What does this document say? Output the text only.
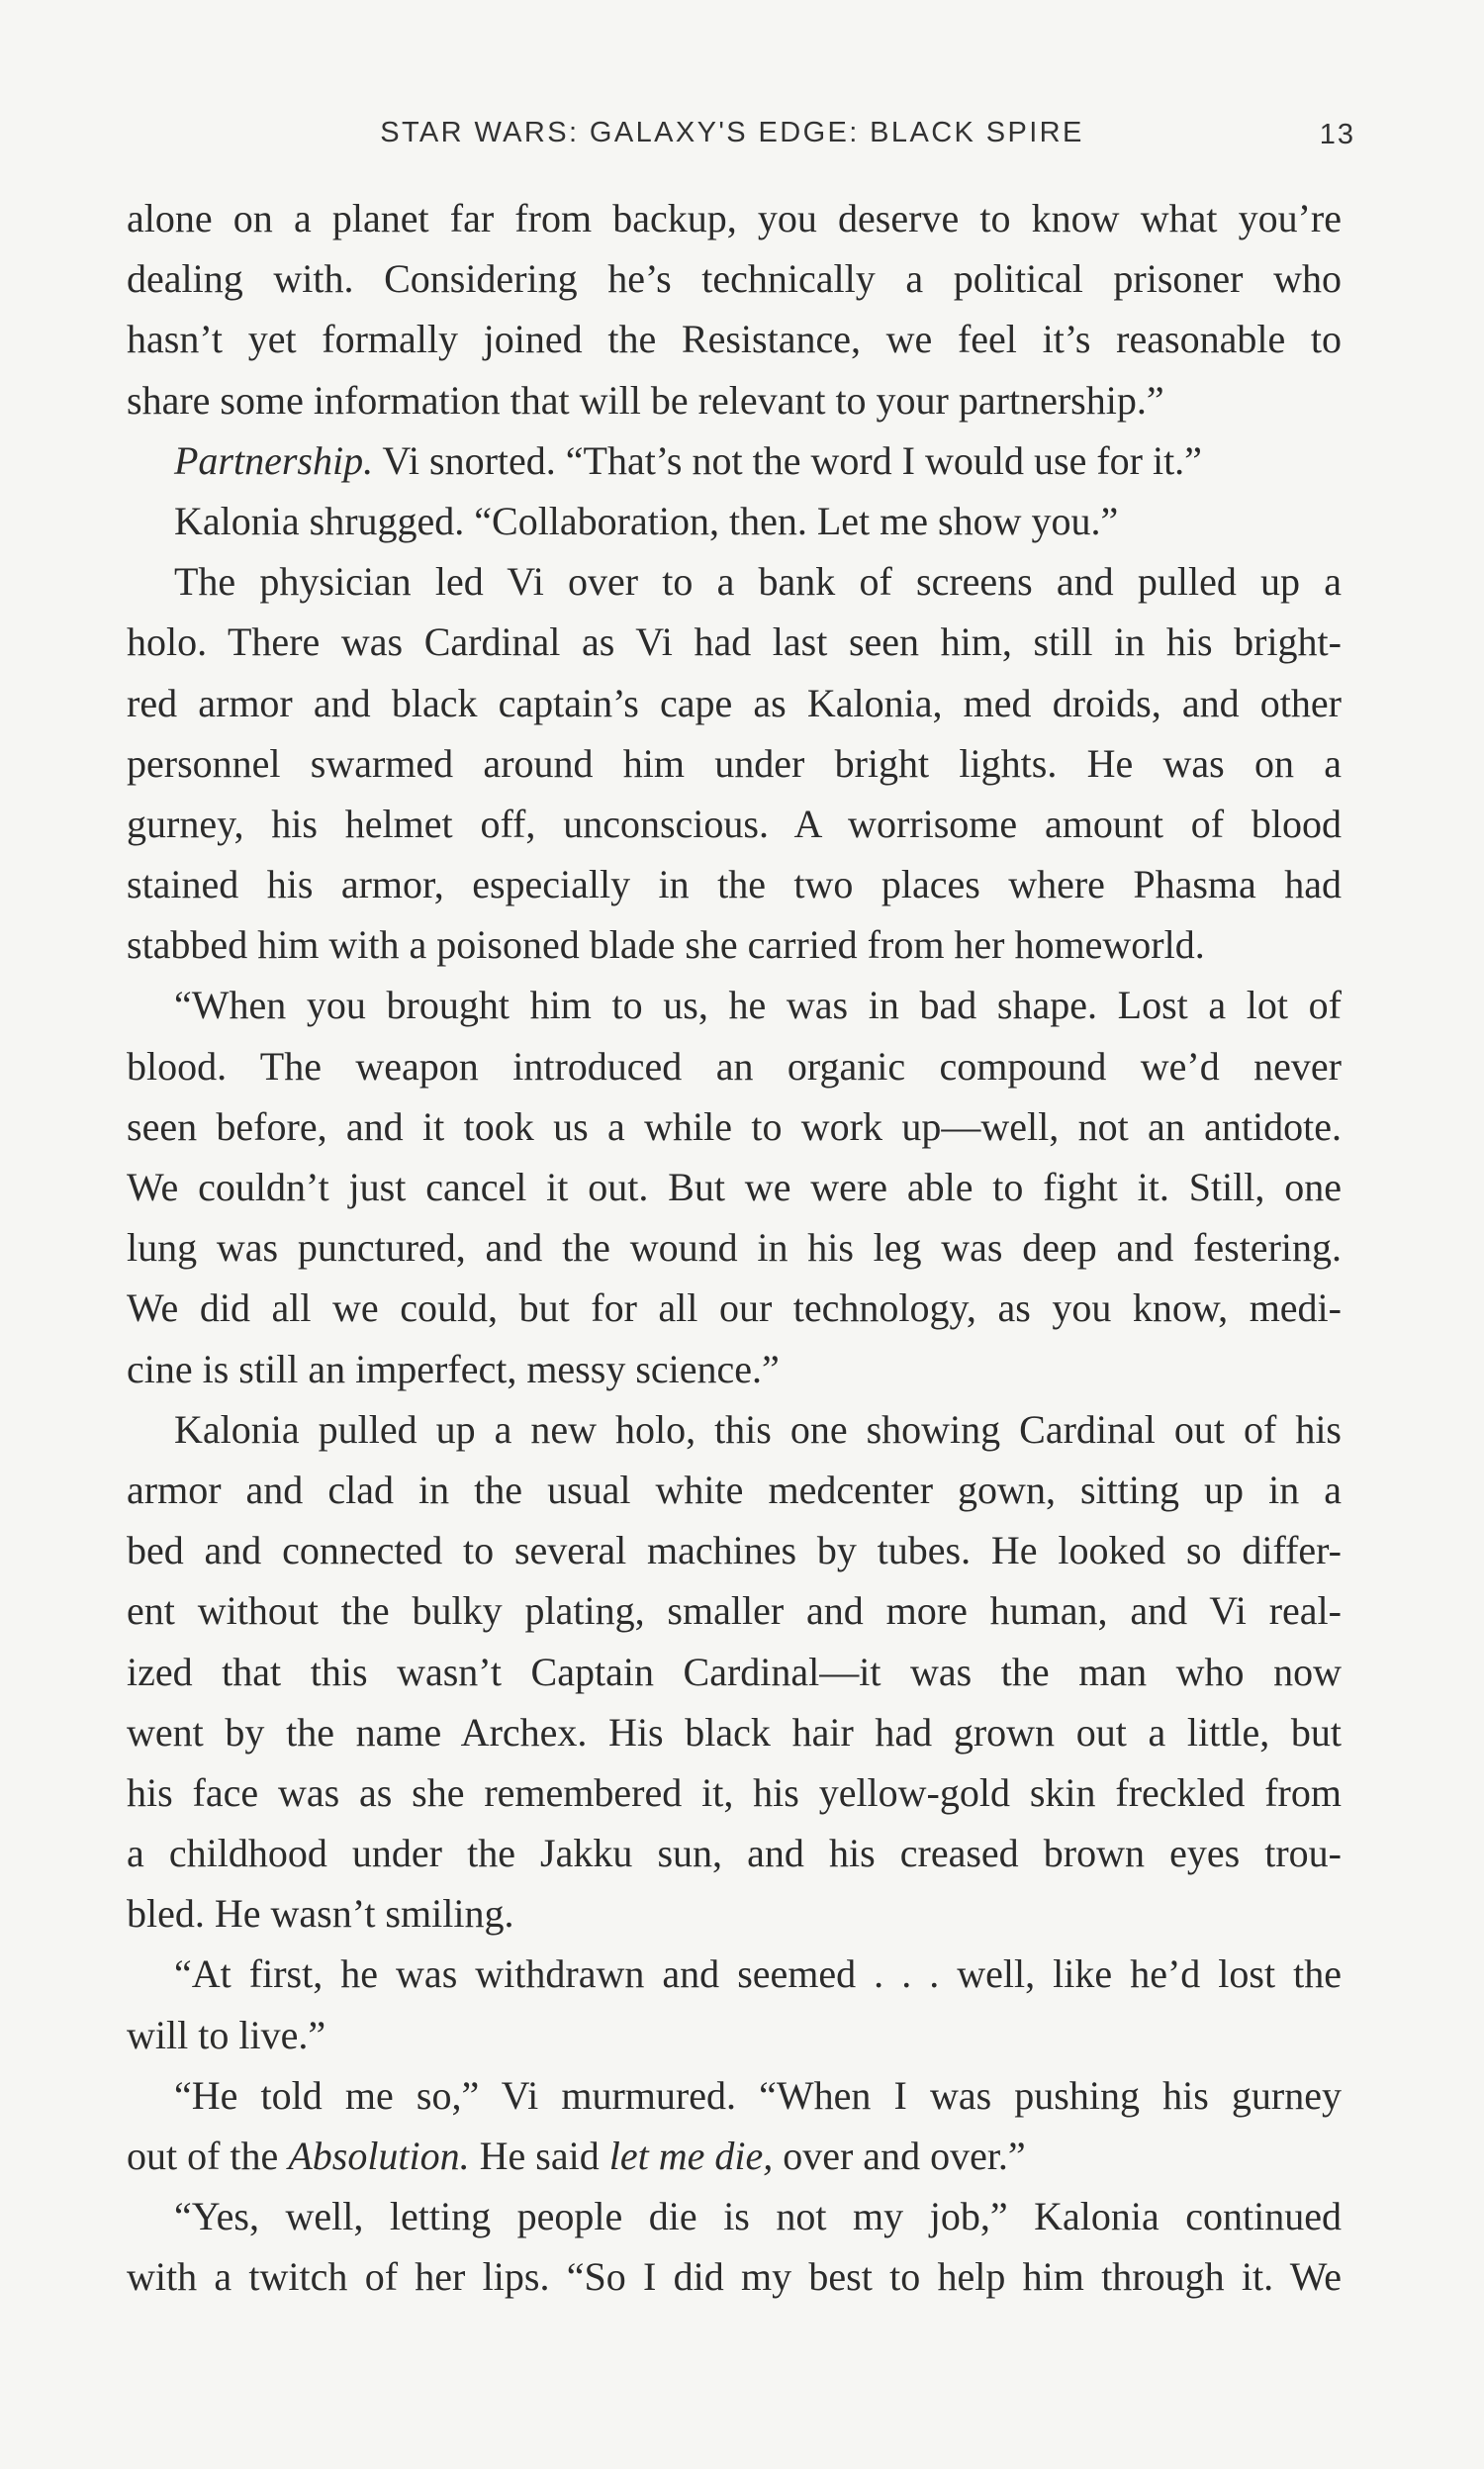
STAR WARS: GALAXY'S EDGE: BLACK SPIRE	13
alone on a planet far from backup, you deserve to know what you’re
dealing with. Considering he’s technically a political prisoner who
hasn’t yet formally joined the Resistance, we feel it’s reasonable to
share some information that will be relevant to your partnership.”
Partnership. Vi snorted. “That’s not the word I would use for it.”
Kalonia shrugged. “Collaboration, then. Let me show you.”
The physician led Vi over to a bank of screens and pulled up a
holo. There was Cardinal as Vi had last seen him, still in his bright-
red armor and black captain’s cape as Kalonia, med droids, and other
personnel swarmed around him under bright lights. He was on a
gurney, his helmet off, unconscious. A worrisome amount of blood
stained his armor, especially in the two places where Phasma had
stabbed him with a poisoned blade she carried from her homeworld.
“When you brought him to us, he was in bad shape. Lost a lot of
blood. The weapon introduced an organic compound we’d never
seen before, and it took us a while to work up—well, not an antidote.
We couldn’t just cancel it out. But we were able to fight it. Still, one
lung was punctured, and the wound in his leg was deep and festering.
We did all we could, but for all our technology, as you know, medi-
cine is still an imperfect, messy science.”
Kalonia pulled up a new holo, this one showing Cardinal out of his
armor and clad in the usual white medcenter gown, sitting up in a
bed and connected to several machines by tubes. He looked so differ-
ent without the bulky plating, smaller and more human, and Vi real-
ized that this wasn’t Captain Cardinal—it was the man who now
went by the name Archex. His black hair had grown out a little, but
his face was as she remembered it, his yellow-gold skin freckled from
a childhood under the Jakku sun, and his creased brown eyes trou-
bled. He wasn’t smiling.
“At first, he was withdrawn and seemed . . . well, like he’d lost the
will to live.”
“He told me so,” Vi murmured. “When I was pushing his gurney
out of the Absolution. He said let me die, over and over.”
“Yes, well, letting people die is not my job,” Kalonia continued
with a twitch of her lips. “So I did my best to help him through it. We
